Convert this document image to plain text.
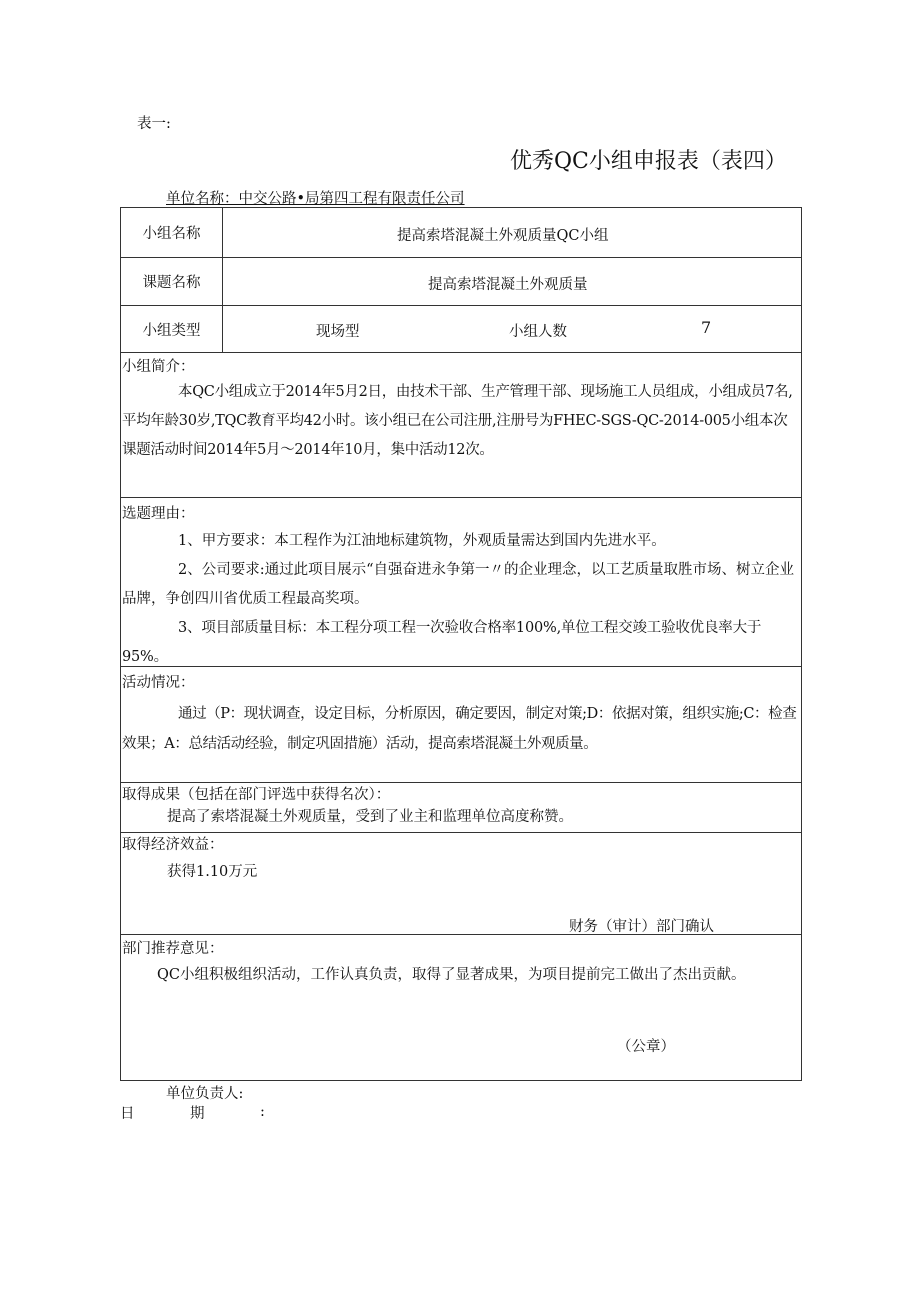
表一:
优秀QC小组申报表（表四）
单位名称：中交公路•局第四工程有限责任公司
小组名称	提高索塔混凝土外观质量QC小组
课题名称	提高索塔混凝土外观质量
小组类型	现场型	小组人数	7
小组简介：
本QC小组成立于2014年5月2日，由技术干部、生产管理干部、现场施工人员组成，小组成员7名,平均年龄30岁,TQC教育平均42小时。该小组已在公司注册,注册号为FHEC-SGS-QC-2014-005小组本次课题活动时间2014年5月～2014年10月，集中活动12次。
选题理由：
1、甲方要求：本工程作为江油地标建筑物，外观质量需达到国内先进水平。
2、公司要求:通过此项目展示“自强奋进永争第一〃的企业理念，以工艺质量取胜市场、树立企业品牌，争创四川省优质工程最高奖项。
3、项目部质量目标：本工程分项工程一次验收合格率100%,单位工程交竣工验收优良率大于95%。
活动情况：
通过（P：现状调查，设定目标，分析原因，确定要因，制定对策;D：依据对策，组织实施;C：检查效果；A：总结活动经验，制定巩固措施）活动，提高索塔混凝土外观质量。
取得成果（包括在部门评选中获得名次）：
提高了索塔混凝土外观质量，受到了业主和监理单位高度称赞。
取得经济效益：
获得1.10万元
财务（审计）部门确认
部门推荐意见：
QC小组积极组织活动，工作认真负责，取得了显著成果，为项目提前完工做出了杰出贡献。
（公章）
单位负责人:
日	期	:
